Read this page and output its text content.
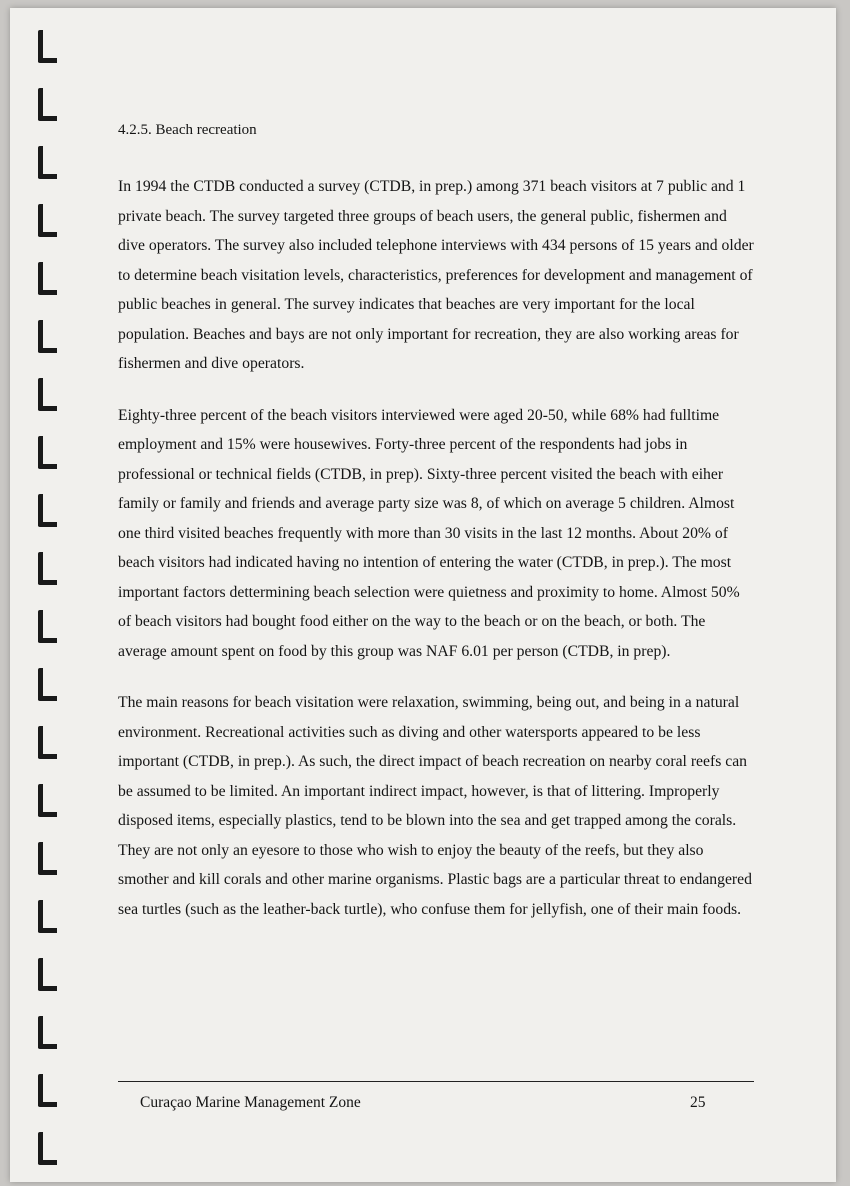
4.2.5. Beach recreation

In 1994 the CTDB conducted a survey (CTDB, in prep.) among 371 beach visitors at 7 public and 1 private beach. The survey targeted three groups of beach users, the general public, fishermen and dive operators. The survey also included telephone interviews with 434 persons of 15 years and older to determine beach visitation levels, characteristics, preferences for development and management of public beaches in general. The survey indicates that beaches are very important for the local population. Beaches and bays are not only important for recreation, they are also working areas for fishermen and dive operators.

Eighty-three percent of the beach visitors interviewed were aged 20-50, while 68% had fulltime employment and 15% were housewives. Forty-three percent of the respondents had jobs in professional or technical fields (CTDB, in prep). Sixty-three percent visited the beach with eiher family or family and friends and average party size was 8, of which on average 5 children. Almost one third visited beaches frequently with more than 30 visits in the last 12 months. About 20% of beach visitors had indicated having no intention of entering the water (CTDB, in prep.). The most important factors dettermining beach selection were quietness and proximity to home. Almost 50% of beach visitors had bought food either on the way to the beach or on the beach, or both. The average amount spent on food by this group was NAF 6.01 per person (CTDB, in prep).

The main reasons for beach visitation were relaxation, swimming, being out, and being in a natural environment. Recreational activities such as diving and other watersports appeared to be less important (CTDB, in prep.). As such, the direct impact of beach recreation on nearby coral reefs can be assumed to be limited. An important indirect impact, however, is that of littering. Improperly disposed items, especially plastics, tend to be blown into the sea and get trapped among the corals. They are not only an eyesore to those who wish to enjoy the beauty of the reefs, but they also smother and kill corals and other marine organisms. Plastic bags are a particular threat to endangered sea turtles (such as the leather-back turtle), who confuse them for jellyfish, one of their main foods.

Curaçao Marine Management Zone	25
